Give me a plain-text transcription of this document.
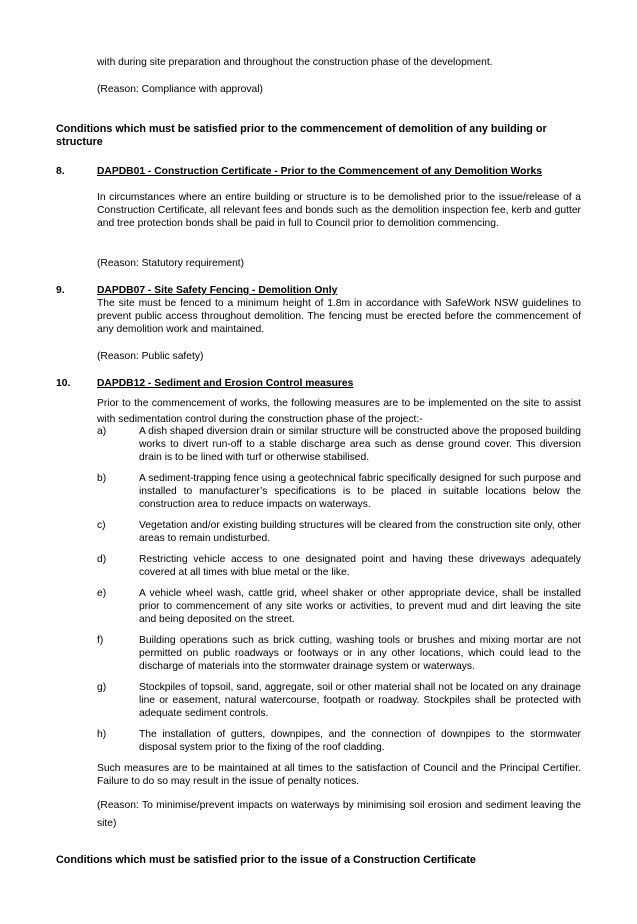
with during site preparation and throughout the construction phase of the development.
(Reason: Compliance with approval)
Conditions which must be satisfied prior to the commencement of demolition of any building or structure
8.	DAPDB01 - Construction Certificate - Prior to the Commencement of any Demolition Works
In circumstances where an entire building or structure is to be demolished prior to the issue/release of a Construction Certificate, all relevant fees and bonds such as the demolition inspection fee, kerb and gutter and tree protection bonds shall be paid in full to Council prior to demolition commencing.
(Reason: Statutory requirement)
9.	DAPDB07 - Site Safety Fencing - Demolition Only
The site must be fenced to a minimum height of 1.8m in accordance with SafeWork NSW guidelines to prevent public access throughout demolition. The fencing must be erected before the commencement of any demolition work and maintained.
(Reason: Public safety)
10.	DAPDB12 - Sediment and Erosion Control measures
Prior to the commencement of works, the following measures are to be implemented on the site to assist with sedimentation control during the construction phase of the project:-
a)	A dish shaped diversion drain or similar structure will be constructed above the proposed building works to divert run-off to a stable discharge area such as dense ground cover. This diversion drain is to be lined with turf or otherwise stabilised.
b)	A sediment-trapping fence using a geotechnical fabric specifically designed for such purpose and installed to manufacturer’s specifications is to be placed in suitable locations below the construction area to reduce impacts on waterways.
c)	Vegetation and/or existing building structures will be cleared from the construction site only, other areas to remain undisturbed.
d)	Restricting vehicle access to one designated point and having these driveways adequately covered at all times with blue metal or the like.
e)	A vehicle wheel wash, cattle grid, wheel shaker or other appropriate device, shall be installed prior to commencement of any site works or activities, to prevent mud and dirt leaving the site and being deposited on the street.
f)	Building operations such as brick cutting, washing tools or brushes and mixing mortar are not permitted on public roadways or footways or in any other locations, which could lead to the discharge of materials into the stormwater drainage system or waterways.
g)	Stockpiles of topsoil, sand, aggregate, soil or other material shall not be located on any drainage line or easement, natural watercourse, footpath or roadway. Stockpiles shall be protected with adequate sediment controls.
h)	The installation of gutters, downpipes, and the connection of downpipes to the stormwater disposal system prior to the fixing of the roof cladding.
Such measures are to be maintained at all times to the satisfaction of Council and the Principal Certifier. Failure to do so may result in the issue of penalty notices.
(Reason: To minimise/prevent impacts on waterways by minimising soil erosion and sediment leaving the site)
Conditions which must be satisfied prior to the issue of a Construction Certificate
